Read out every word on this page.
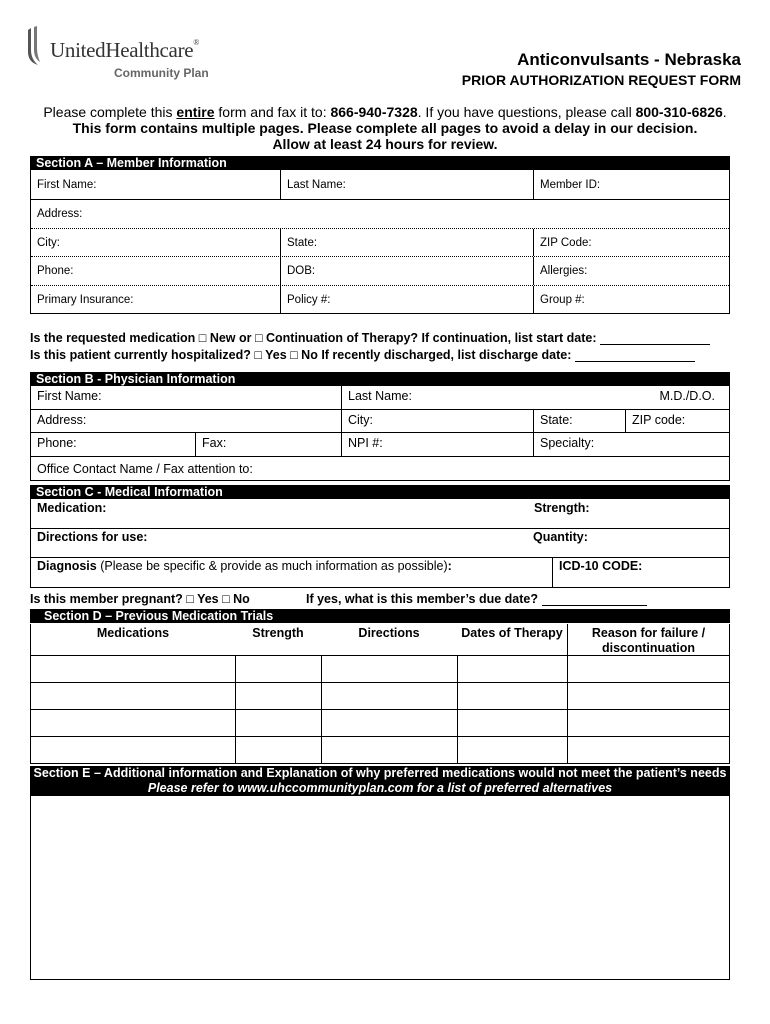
UnitedHealthcare®
Community Plan
Anticonvulsants - Nebraska
PRIOR AUTHORIZATION REQUEST FORM
Please complete this entire form and fax it to: 866-940-7328. If you have questions, please call 800-310-6826.
This form contains multiple pages. Please complete all pages to avoid a delay in our decision.
Allow at least 24 hours for review.
Section A – Member Information
First Name:	Last Name:	Member ID:
Address:
City:	State:	ZIP Code:
Phone:	DOB:	Allergies:
Primary Insurance:	Policy #:	Group #:
Is the requested medication □ New or □ Continuation of Therapy? If continuation, list start date:
Is this patient currently hospitalized? □ Yes □ No If recently discharged, list discharge date:
Section B - Physician Information
First Name:	Last Name:	M.D./D.O.
Address:	City:	State:	ZIP code:
Phone:	Fax:	NPI #:	Specialty:
Office Contact Name / Fax attention to:
Section C - Medical Information
Medication:	Strength:
Directions for use:	Quantity:
Diagnosis (Please be specific & provide as much information as possible):	ICD-10 CODE:
Is this member pregnant? □ Yes □ No	If yes, what is this member’s due date?
Section D – Previous Medication Trials
Medications	Strength	Directions	Dates of Therapy	Reason for failure / discontinuation
Section E – Additional information and Explanation of why preferred medications would not meet the patient’s needs
Please refer to www.uhccommunityplan.com for a list of preferred alternatives
